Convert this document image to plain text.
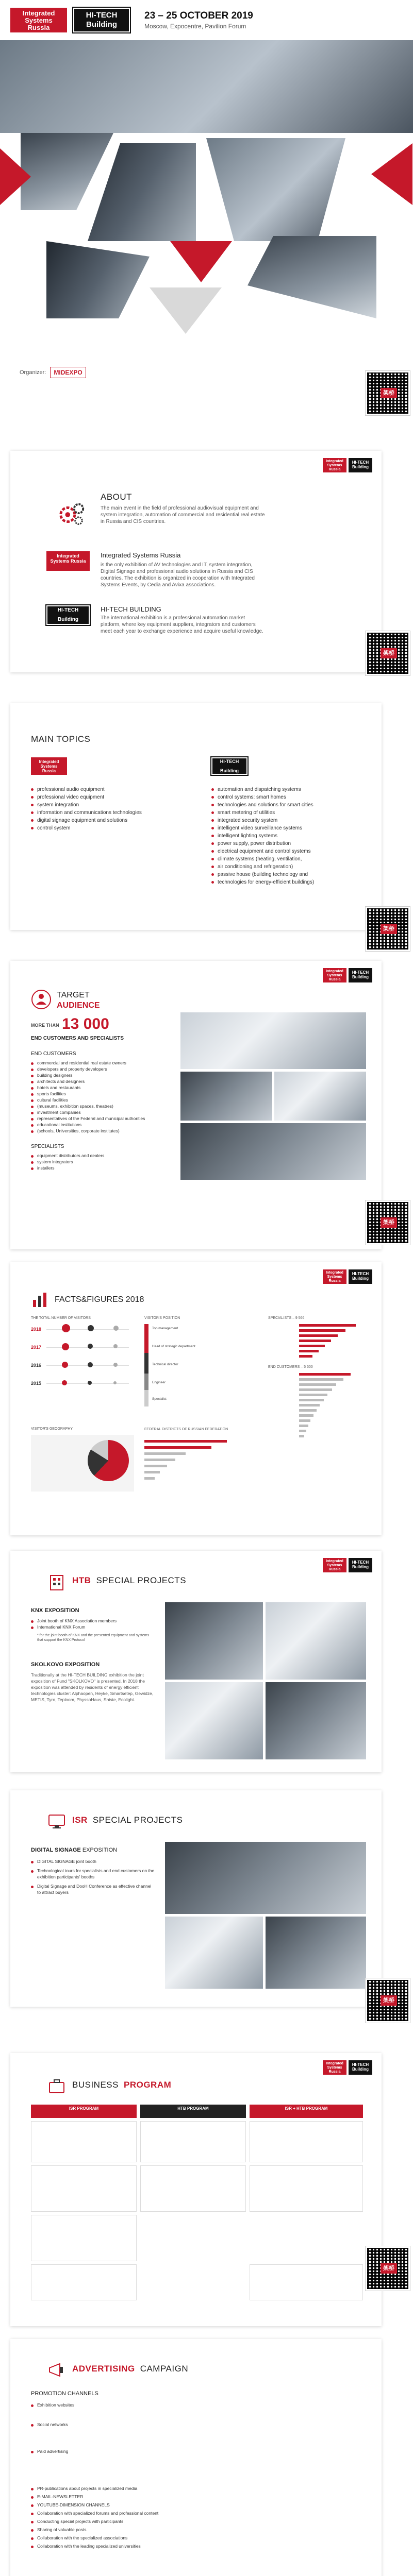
Integrated Systems Russia
HI-TECH Building
23 – 25 OCTOBER 2019
Moscow, Expocentre, Pavilion Forum
Organizer:	MIDEXPO
架桥
Integrated Systems Russia
HI-TECH Building
ABOUT
The main event in the field of professional audiovisual equipment and system integration, automation of commercial and residential real estate in Russia and CIS countries.
Integrated Systems Russia
Integrated Systems Russia
is the only exhibition of AV technologies and IT, system integration, Digital Signage and professional audio solutions in Russia and CIS countries. The exhibition is organized in cooperation with Integrated Systems Events, by Cedia and Avixa associations.
HI-TECH Building
HI-TECH BUILDING
The international exhibition is a professional automation market platform, where key equipment suppliers, integrators and customers meet each year to exchange experience and acquire useful knowledge.
架桥
MAIN TOPICS
Integrated Systems Russia
HI-TECH Building
professional audio equipment
professional video equipment
system integration
information and communications technologies
digital signage equipment and solutions
control system
automation and dispatching systems
control systems: smart homes
technologies and solutions for smart cities
smart metering of utilities
integrated security system
intelligent video surveillance systems
intelligent lighting systems
power supply, power distribution
electrical equipment and control systems
climate systems (heating, ventilation,
air conditioning and refrigeration)
passive house (building technology and
technologies for energy-efficient buildings)
架桥
Integrated Systems Russia
HI-TECH Building
TARGET
AUDIENCE
MORE THAN 13 000
END CUSTOMERS AND SPECIALISTS
END CUSTOMERS
commercial and residential real estate owners
developers and property developers
building designers
architects and designers
hotels and restaurants
sports facilities
cultural facilities
(museums, exhibition spaces, theatres)
investment companies
representatives of the Federal and municipal authorities
educational institutions
(schools, Universities, corporate institutes)
SPECIALISTS
equipment distributors and dealers
system integrators
installers
架桥
Integrated Systems Russia
HI-TECH Building
FACTS&FIGURES 2018
THE TOTAL NUMBER OF VISITORS
2018
2017
2016
2015
VISITOR'S POSITION
Top management
Head of strategic department
Technical director
Engineer
Specialist
SPECIALISTS – 9 566
END CUSTOMERS – 5 500
VISITOR'S GEOGRAPHY	FEDERAL DISTRICTS OF RUSSIAN FEDERATION
Integrated Systems Russia
HI-TECH Building
HTB SPECIAL PROJECTS
KNX EXPOSITION
Joint booth of KNX Association members
International KNX Forum
* for the joint booth of KNX and the presented equipment and systems that support the KNX Protocol
SKOLKOVO EXPOSITION
Traditionally at the HI-TECH BUILDING exhibition the joint exposition of Fund "SKOLKOVO" is presented. In 2018 the exposition was attended by residents of energy efficient technologies cluster: Alphaopen, Heyke, Smartsetep, Gewidze, METIS, Tyro, Teploom, PhyssoHaus, Shiste, Ecolight.
ISR SPECIAL PROJECTS
DIGITAL SIGNAGE EXPOSITION
DIGITAL SIGNAGE joint booth
Technological tours for specialists and end customers on the exhibition participants' booths
Digital Signage and DooH Conference as effective channel to attract buyers
架桥
Integrated Systems Russia
HI-TECH Building
BUSINESS PROGRAM
ISR PROGRAM	HTB PROGRAM	ISR + HTB PROGRAM
架桥
ADVERTISING CAMPAIGN
PROMOTION CHANNELS
Exhibition websites
Social networks
Paid advertising
PR-publications about projects in specialized media
E-MAIL-NEWSLETTER
YOUTUBE-DIMENSION CHANNELS
Collaboration with specialized forums and professional content
Conducting special projects with participants
Sharing of valuable posts
Collaboration with the specialized associations
Collaboration with the leading specialized universities
